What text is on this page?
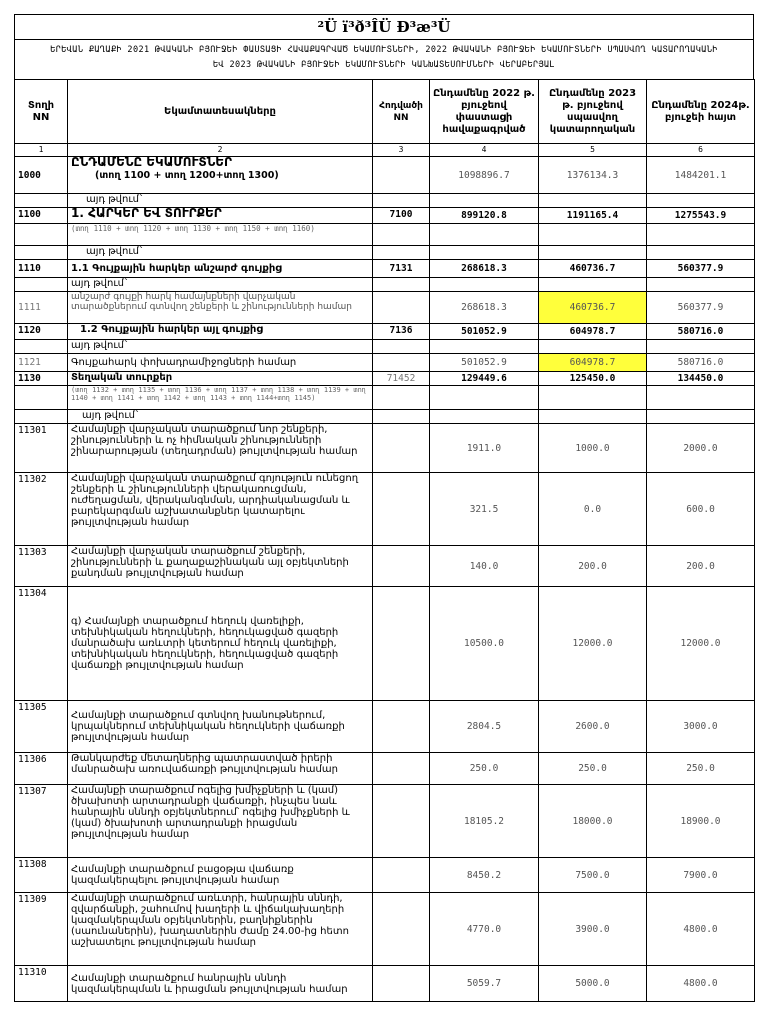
²Ü ï³ð³ÎÜ Ð³æ³Ü
ԵՐԵՎԱՆ ՔԱՂԱՔԻ 2021 ԹՎԱԿԱՆԻ ԲՅՈՒՋԵԻ ՓԱՍՏԱՑԻ ՀԱՎԱՔԱԳՐՎԱԾ ԵԿԱՄՈՒՏՆԵՐԻ, 2022 ԹՎԱԿԱՆԻ ԲՅՈՒՋԵԻ ԵԿԱՄՈՒՏՆԵՐԻ ՍՊԱՍՎՈՂ ԿԱՏԱՐՈՂԱԿԱՆԻ
ԵՎ 2023 ԹՎԱԿԱՆԻ ԲՅՈՒՋԵԻ ԵԿԱՄՈՒՏՆԵՐԻ ԿԱՆԽԱՏԵՍՈՒՄՆԵՐԻ ՎԵՐԱԲԵՐՅԱԼ
Տողի NN	Եկամտատեսակները	Հոդվածի NN	Ընդամենը 2022 թ. բյուջեով փաստացի հավաքագրված	Ընդամենը 2023 թ. բյուջեով սպասվող կատարողական	Ընդամենը 2024թ. բյուջեի հայտ
1	2	3	4	5	6
1000	ԸՆԴԱՄԵՆԸ ԵԿԱՄՈՒՏՆԵՐ
(տող 1100 + տող 1200+տող 1300)		1098896.7	1376134.3	1484201.1
	այդ թվում`				
1100	1. ՀԱՐԿԵՐ ԵՎ ՏՈՒՐՔԵՐ	7100	899120.8	1191165.4	1275543.9
	(տող 1110 + տող 1120 + տող 1130 + տող 1150 + տող 1160)				
	այդ թվում`				
1110	1.1 Գույքային հարկեր անշարժ գույքից	7131	268618.3	460736.7	560377.9
	այդ թվում`				
1111	անշարժ գույքի հարկ համայնքների վարչական տարածքներում գտնվող շենքերի և շինությունների համար		268618.3	460736.7	560377.9
1120	1.2 Գույքային հարկեր այլ գույքից	7136	501052.9	604978.7	580716.0
	այդ թվում`				
1121	Գույքահարկ փոխադրամիջոցների համար		501052.9	604978.7	580716.0
1130	Տեղական տուրքեր	71452	129449.6	125450.0	134450.0
	(տող 1132 + տող 1135 + տող 1136 + տող 1137 + տող 1138 + տող 1139 + տող 1140 + տող 1141 + տող 1142 + տող 1143 + տող 1144+տող 1145)				
	այդ թվում`				
11301	Համայնքի վարչական տարածքում նոր շենքերի, շինությունների և ոչ հիմնական շինությունների շինարարության (տեղադրման) թույլտվության համար		1911.0	1000.0	2000.0
11302	Համայնքի վարչական տարածքում գոյություն ունեցող շենքերի և շինությունների վերակառուցման, ուժեղացման, վերականգնման, արդիականացման և բարեկարգման աշխատանքներ կատարելու թույլտվության համար		321.5	0.0	600.0
11303	Համայնքի վարչական տարածքում շենքերի, շինությունների և քաղաքաշինական այլ օբյեկտների քանդման թույլտվության համար		140.0	200.0	200.0
11304	գ) Համայնքի տարածքում հեղուկ վառելիքի, տեխնիկական հեղուկների, հեղուկացված գազերի մանրածախ առևտրի կետերում հեղուկ վառելիքի, տեխնիկական հեղուկների, հեղուկացված գազերի վաճառքի թույլտվության համար		10500.0	12000.0	12000.0
11305	Համայնքի տարածքում գտնվող խանութներում, կրպակներում տեխնիկական հեղուկների վաճառքի թույլտվության համար		2804.5	2600.0	3000.0
11306	Թանկարժեք մետաղներից պատրաստված իրերի մանրածախ առուվաճառքի թույլտվության համար		250.0	250.0	250.0
11307	Համայնքի տարածքում ոգելից խմիչքների և (կամ) ծխախոտի արտադրանքի վաճառքի, ինչպես նաև հանրային սննդի օբյեկտներում՝ ոգելից խմիչքների և (կամ) ծխախոտի արտադրանքի իրացման թույլտվության համար		18105.2	18000.0	18900.0
11308	Համայնքի տարածքում բացօթյա վաճառք կազմակերպելու թույլտվության համար		8450.2	7500.0	7900.0
11309	Համայնքի տարածքում առևտրի, հանրային սննդի, զվարճանքի, շահումով խաղերի և վիճակախաղերի կազմակերպման օբյեկտներին, բաղնիքներին (սաունաներին), խաղատներին ժամը 24.00-ից հետո աշխատելու թույլտվության համար		4770.0	3900.0	4800.0
11310	Համայնքի տարածքում հանրային սննդի կազմակերպման և իրացման թույլտվության համար		5059.7	5000.0	4800.0
